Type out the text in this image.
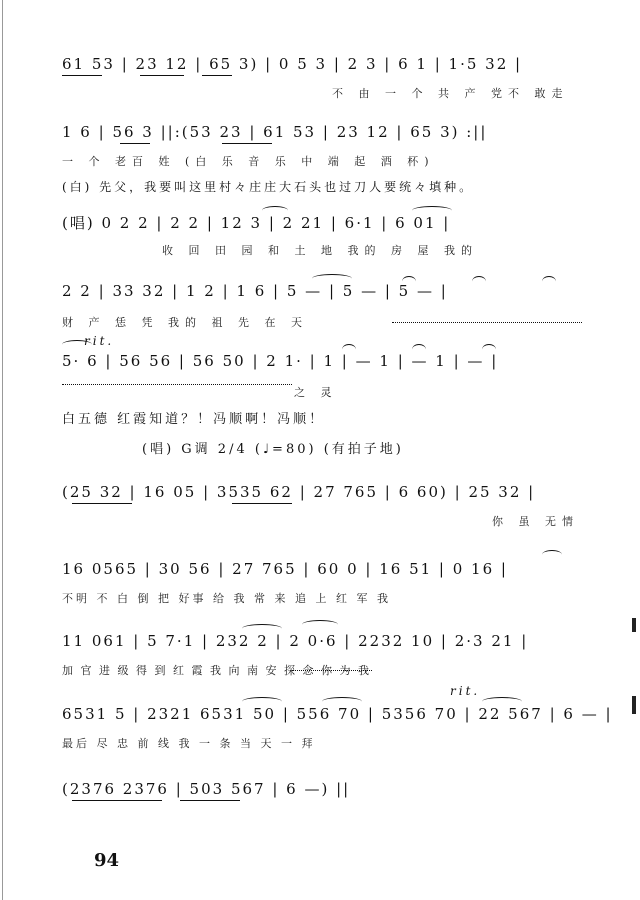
61 53 | 23 12 | 65 3) | 0 5 3 | 2 3 | 6 1 | 1·5 32 |
不 由 一 个 共 产 党不 敢走
1 6 | 56 3 ||:(53 23 | 61 53 | 23 12 | 65 3) :||
一 个 老百 姓 (白 乐 音 乐 中 端 起 酒 杯)
(白) 先父，我要叫这里村々庄庄大石头也过刀人要统々填种。
(唱) 0 2 2 | 2 2 | 12 3 | 2 21 | 6·1 | 6 01 |
收 回 田 园 和 土 地 我的 房 屋 我的
2 2 | 33 32 | 1 2 | 1 6 | 5 — | 5 — | 5 — |
财 产 恁 凭 我的 祖 先 在 天
rit.
5· 6 | 56 56 | 56 50 | 2 1· | 1 | — 1 | — 1 | — |
之 灵
白五德 红霞知道？！冯顺啊！冯顺！
(唱) G调 2/4 (♩=80) (有拍子地)
(25 32 | 16 05 | 3535 62 | 27 765 | 6 60) | 25 32 |
你 虽 无情
16 0565 | 30 56 | 27 765 | 60 0 | 16 51 | 0 16 |
不明 不 白 倒 把 好事 给 我 常 来 追 上 红 军 我
11 061 | 5 7·1 | 232 2 | 2 0·6 | 2232 10 | 2·3 21 |
加 官 进 级 得 到 红 霞 我 向 南 安 探 念 你 为 我
rit.
6531 5 | 2321 6531 50 | 556 70 | 5356 70 | 22 567 | 6 — |
最后 尽 忠 前 线 我 一 条 当 天 一 拜
(2376 2376 | 503 567 | 6 —) ||
94
